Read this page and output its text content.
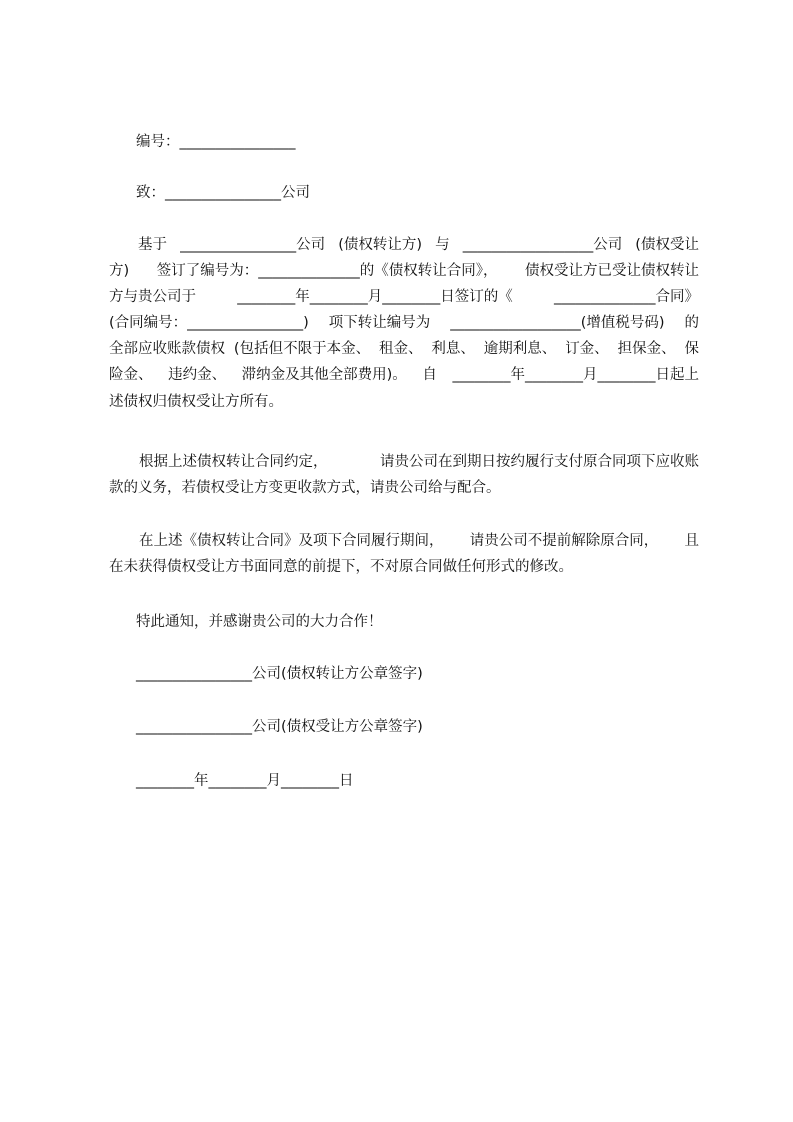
编号：________________
致：________________公司
基于 ________________公司 (债权转让方) 与 __________________公司 (债权受让
方) 签订了编号为：______________的《债权转让合同》， 债权受让方已受让债权转让
方与贵公司于	________年________月________日签订的《	______________合同》
(合同编号：________________) 项下转让编号为 __________________(增值税号码) 的
全部应收账款债权 (包括但不限于本金、 租金、 利息、 逾期利息、 订金、 担保金、 保
险金、 违约金、 滞纳金及其他全部费用)。 自 ________年________月________日起上
述债权归债权受让方所有。
根据上述债权转让合同约定，	请贵公司在到期日按约履行支付原合同项下应收账
款的义务，若债权受让方变更收款方式，请贵公司给与配合。
在上述《债权转让合同》及项下合同履行期间， 请贵公司不提前解除原合同， 且
在未获得债权受让方书面同意的前提下，不对原合同做任何形式的修改。
特此通知，并感谢贵公司的大力合作！
________________公司(债权转让方公章签字)
________________公司(债权受让方公章签字)
________年________月________日
